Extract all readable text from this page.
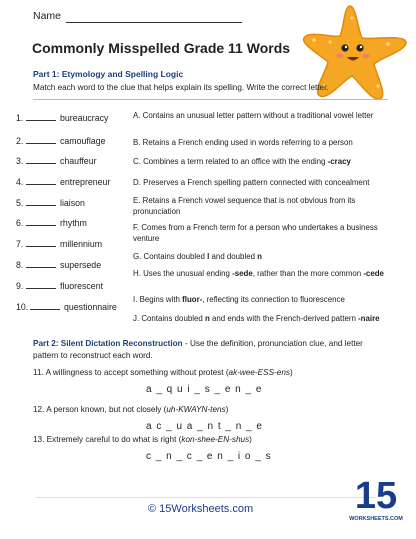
Name
Commonly Misspelled Grade 11 Words
Part 1: Etymology and Spelling Logic
Match each word to the clue that helps explain its spelling. Write the correct letter.
1.	bureaucracy
2.	camouflage
3.	chauffeur
4.	entrepreneur
5.	liaison
6.	rhythm
7.	millennium
8.	supersede
9.	fluorescent
10.	questionnaire
A. Contains an unusual letter pattern without a traditional vowel letter
B. Retains a French ending used in words referring to a person
C. Combines a term related to an office with the ending -cracy
D. Preserves a French spelling pattern connected with concealment
E. Retains a French vowel sequence that is not obvious from its pronunciation
F. Comes from a French term for a person who undertakes a business venture
G. Contains doubled l and doubled n
H. Uses the unusual ending -sede, rather than the more common -cede
I. Begins with fluor-, reflecting its connection to fluorescence
J. Contains doubled n and ends with the French-derived pattern -naire
Part 2: Silent Dictation Reconstruction - Use the definition, pronunciation clue, and letter pattern to reconstruct each word.
11. A willingness to accept something without protest (ak-wee-ESS-ens)
a _ q u i _ s _ e n _ e
12. A person known, but not closely (uh-KWAYN-tens)
a c _ u a _ n t _ n _ e
13. Extremely careful to do what is right (kon-shee-EN-shus)
c _ n _ c _ e n _ i o _ s
© 15Worksheets.com	15
WORKSHEETS.COM
